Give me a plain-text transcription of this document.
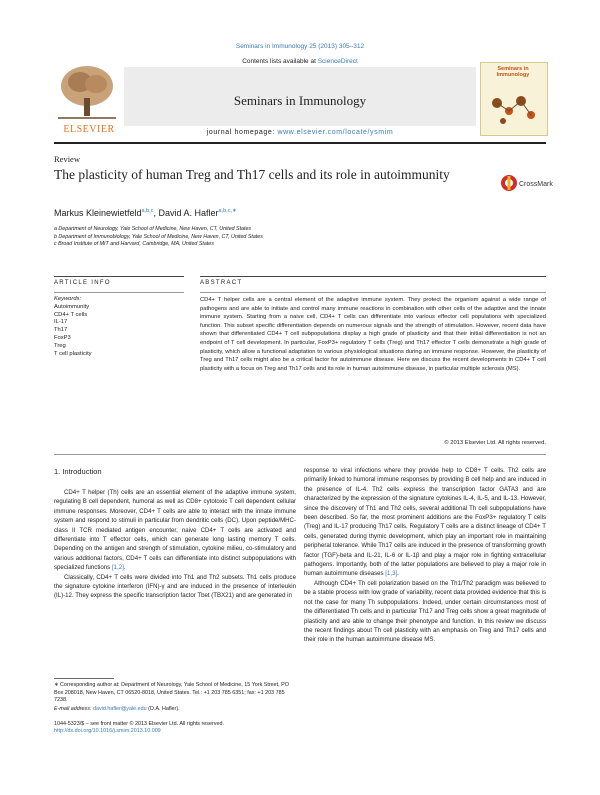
Seminars in Immunology 25 (2013) 305–312
Contents lists available at ScienceDirect
ELSEVIER
Seminars in Immunology
Seminars in Immunology
journal homepage: www.elsevier.com/locate/ysmim
Review
The plasticity of human Treg and Th17 cells and its role in autoimmunity
CrossMark
Markus Kleinewietfeld$^{a,b,c}$, David A. Hafler$^{a,b,c,∗}$
a Department of Neurology, Yale School of Medicine, New Haven, CT, United States
b Department of Immunobiology, Yale School of Medicine, New Haven, CT, United States
c Broad Institute of MIT and Harvard, Cambridge, MA, United States
ARTICLE INFO	ABSTRACT
Keywords:
Autoimmunity
CD4+ T cells
IL-17
Th17
FoxP3
Treg
T cell plasticity
CD4+ T helper cells are a central element of the adaptive immune system. They protect the organism against a wide range of pathogens and are able to initiate and control many immune reactions in combination with other cells of the adaptive and the innate immune system. Starting from a naive cell, CD4+ T cells can differentiate into various effector cell populations with specialized function. This subset specific differentiation depends on numerous signals and the strength of stimulation. However, recent data have shown that differentiated CD4+ T cell subpopulations display a high grade of plasticity and that their initial differentiation is not an endpoint of T cell development. In particular, FoxP3+ regulatory T cells (Treg) and Th17 effector T cells demonstrate a high grade of plasticity, which allow a functional adaptation to various physiological situations during an immune response. However, the plasticity of Treg and Th17 cells might also be a critical factor for autoimmune disease. Here we discuss the recent developments in CD4+ T cell plasticity with a focus on Treg and Th17 cells and its role in human autoimmune disease, in particular multiple sclerosis (MS).
© 2013 Elsevier Ltd. All rights reserved.
1. Introduction

CD4+ T helper (Th) cells are an essential element of the adaptive immune system, regulating B cell dependent, humoral as well as CD8+ cytotoxic T cell dependent cellular immune responses. Moreover, CD4+ T cells are able to interact with the innate immune system and respond to stimuli in particular from dendritic cells (DC). Upon peptide/MHC-class II TCR mediated antigen encounter, naive CD4+ T cells are activated and differentiate into T effector cells, which can generate long lasting memory T cells. Depending on the antigen and strength of stimulation, cytokine milieu, co-stimulatory and various additional factors, CD4+ T cells can differentiate into distinct subpopulations with specialized functions [1,2].

Classically, CD4+ T cells were divided into Th1 and Th2 subsets. Th1 cells produce the signature cytokine interferon (IFN)-γ and are induced in the presence of interleukin (IL)-12. They express the specific transcription factor Tbet (TBX21) and are generated in

response to viral infections where they provide help to CD8+ T cells. Th2 cells are primarily linked to humoral immune responses by providing B cell help and are induced in the presence of IL-4. Th2 cells express the transcription factor GATA3 and are characterized by the expression of the signature cytokines IL-4, IL-5, and IL-13. However, since the discovery of Th1 and Th2 cells, several additional Th cell subpopulations have been described. So far, the most prominent additions are the FoxP3+ regulatory T cells (Treg) and IL-17 producing Th17 cells. Regulatory T cells are a distinct lineage of CD4+ T cells, generated during thymic development, which play an important role in maintaining peripheral tolerance. While Th17 cells are induced in the presence of transforming growth factor (TGF)-beta and IL-21, IL-6 or IL-1β and play a major role in fighting extracellular pathogens. Importantly, both of the latter populations are believed to play a major role in human autoimmune diseases [1,3].

Although CD4+ Th cell polarization based on the Th1/Th2 paradigm was believed to be a stable process with low grade of variability, recent data provided evidence that this is not the case for many Th subpopulations. Indeed, under certain circumstances most of the differentiated Th cells and in particular Th17 and Treg cells show a great magnitude of plasticity and are able to change their phenotype and function. In this review we discuss the recent findings about Th cell plasticity with an emphasis on Treg and Th17 cells and their role in the human autoimmune disease MS.

∗ Corresponding author at: Department of Neurology, Yale School of Medicine, 15 York Street, PO Box 208018, New Haven, CT 06520-8018, United States. Tel.: +1 203 785 6351; fax: +1 203 785 7238.
E-mail address: david.hafler@yale.edu (D.A. Hafler).
1044-5323/$ – see front matter © 2013 Elsevier Ltd. All rights reserved.
http://dx.doi.org/10.1016/j.smim.2013.10.009
